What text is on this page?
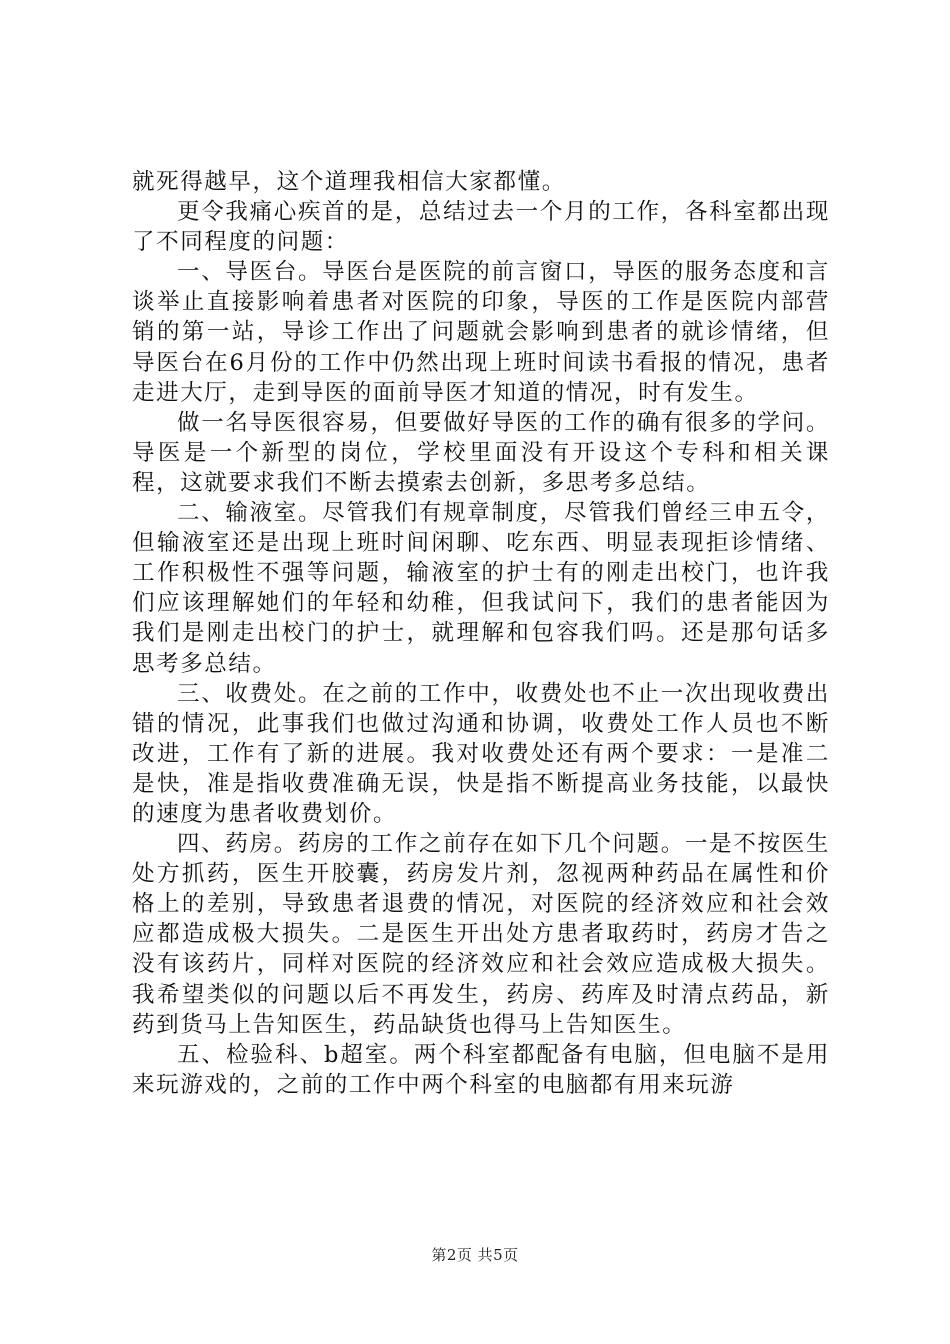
就死得越早，这个道理我相信大家都懂。

更令我痛心疾首的是，总结过去一个月的工作，各科室都出现了不同程度的问题：

一、导医台。导医台是医院的前言窗口，导医的服务态度和言谈举止直接影响着患者对医院的印象，导医的工作是医院内部营销的第一站，导诊工作出了问题就会影响到患者的就诊情绪，但导医台在6月份的工作中仍然出现上班时间读书看报的情况，患者走进大厅，走到导医的面前导医才知道的情况，时有发生。

做一名导医很容易，但要做好导医的工作的确有很多的学问。导医是一个新型的岗位，学校里面没有开设这个专科和相关课程，这就要求我们不断去摸索去创新，多思考多总结。

二、输液室。尽管我们有规章制度，尽管我们曾经三申五令，但输液室还是出现上班时间闲聊、吃东西、明显表现拒诊情绪、工作积极性不强等问题，输液室的护士有的刚走出校门，也许我们应该理解她们的年轻和幼稚，但我试问下，我们的患者能因为我们是刚走出校门的护士，就理解和包容我们吗。还是那句话多思考多总结。

三、收费处。在之前的工作中，收费处也不止一次出现收费出错的情况，此事我们也做过沟通和协调，收费处工作人员也不断改进，工作有了新的进展。我对收费处还有两个要求：一是准二是快，准是指收费准确无误，快是指不断提高业务技能，以最快的速度为患者收费划价。

四、药房。药房的工作之前存在如下几个问题。一是不按医生处方抓药，医生开胶囊，药房发片剂，忽视两种药品在属性和价格上的差别，导致患者退费的情况，对医院的经济效应和社会效应都造成极大损失。二是医生开出处方患者取药时，药房才告之没有该药片，同样对医院的经济效应和社会效应造成极大损失。我希望类似的问题以后不再发生，药房、药库及时清点药品，新药到货马上告知医生，药品缺货也得马上告知医生。

五、检验科、b超室。两个科室都配备有电脑，但电脑不是用来玩游戏的，之前的工作中两个科室的电脑都有用来玩游

第2页 共5页
